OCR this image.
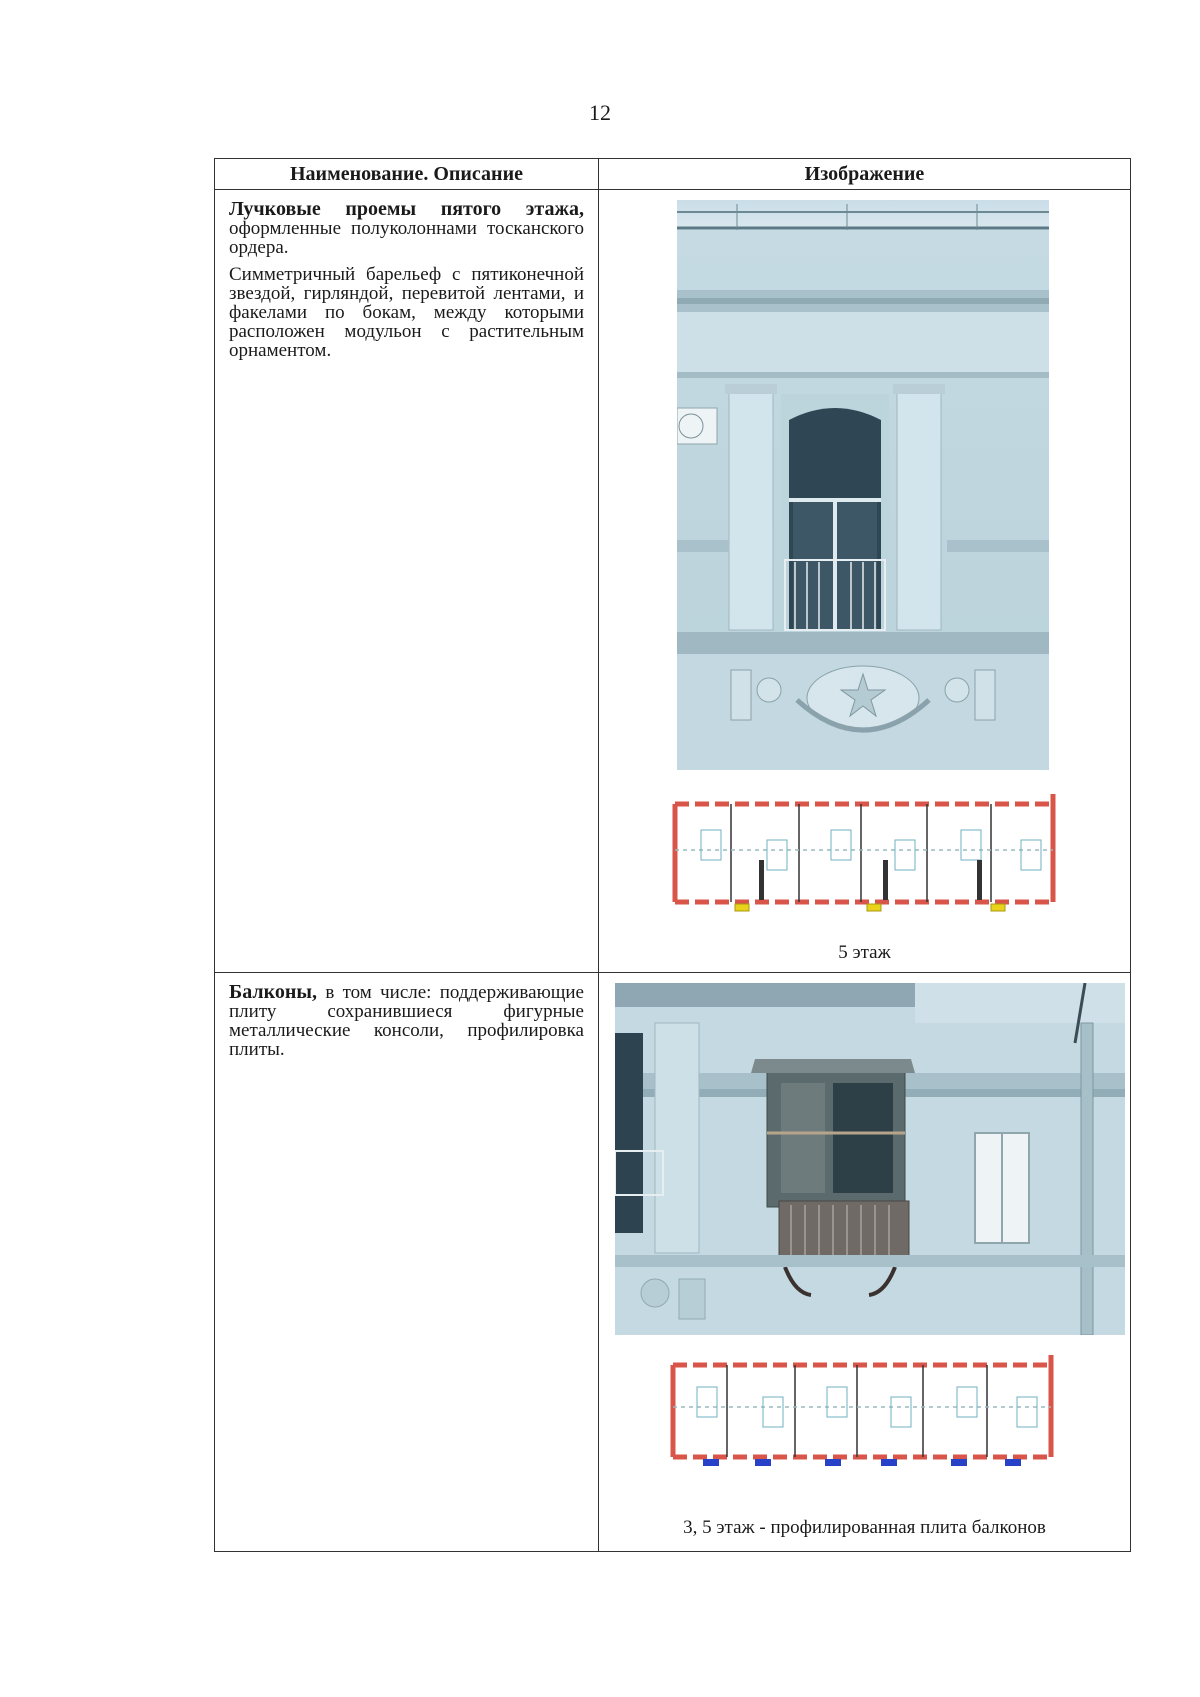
12
Наименование. Описание	Изображение

Лучковые проемы пятого этажа, оформленные полуколоннами тосканского ордера.

Симметричный барельеф с пятиконечной звездой, гирляндой, перевитой лентами, и факелами по бокам, между которыми расположен модульон с растительным орнаментом.	5 этаж

Балконы, в том числе: поддерживающие плиту сохранившиеся фигурные металлические консоли, профилировка плиты.	3, 5 этаж - профилированная плита балконов
